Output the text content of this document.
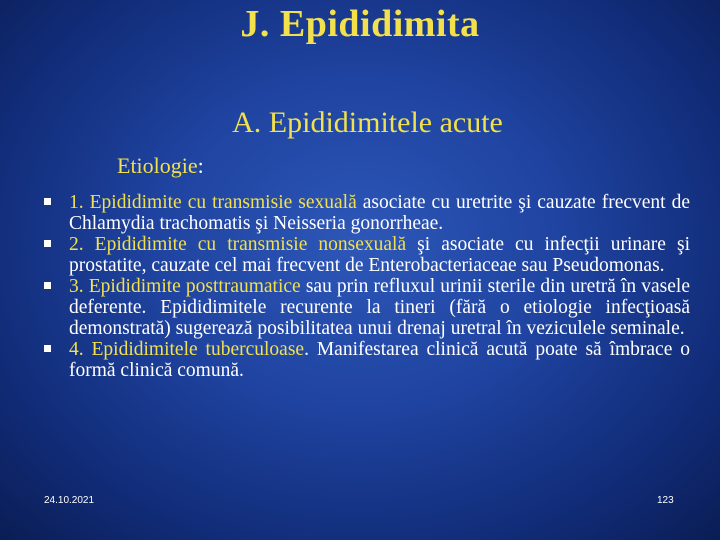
J. Epididimita
A. Epididimitele acute
Etiologie:
1. Epididimite cu transmisie sexuală asociate cu uretrite şi cauzate frecvent de Chlamydia trachomatis şi Neisseria gonorrheae.
2. Epididimite cu transmisie nonsexuală şi asociate cu infecţii urinare şi prostatite, cauzate cel mai frecvent de Enterobacteriaceae sau Pseudomonas.
3. Epididimite posttraumatice sau prin refluxul urinii sterile din uretră în vasele deferente. Epididimitele recurente la tineri (fără o etiologie infecţioasă demonstrată) sugerează posibilitatea unui drenaj uretral în veziculele seminale.
4. Epididimitele tuberculoase. Manifestarea clinică acută poate să îmbrace o formă clinică comună.
24.10.2021	123
